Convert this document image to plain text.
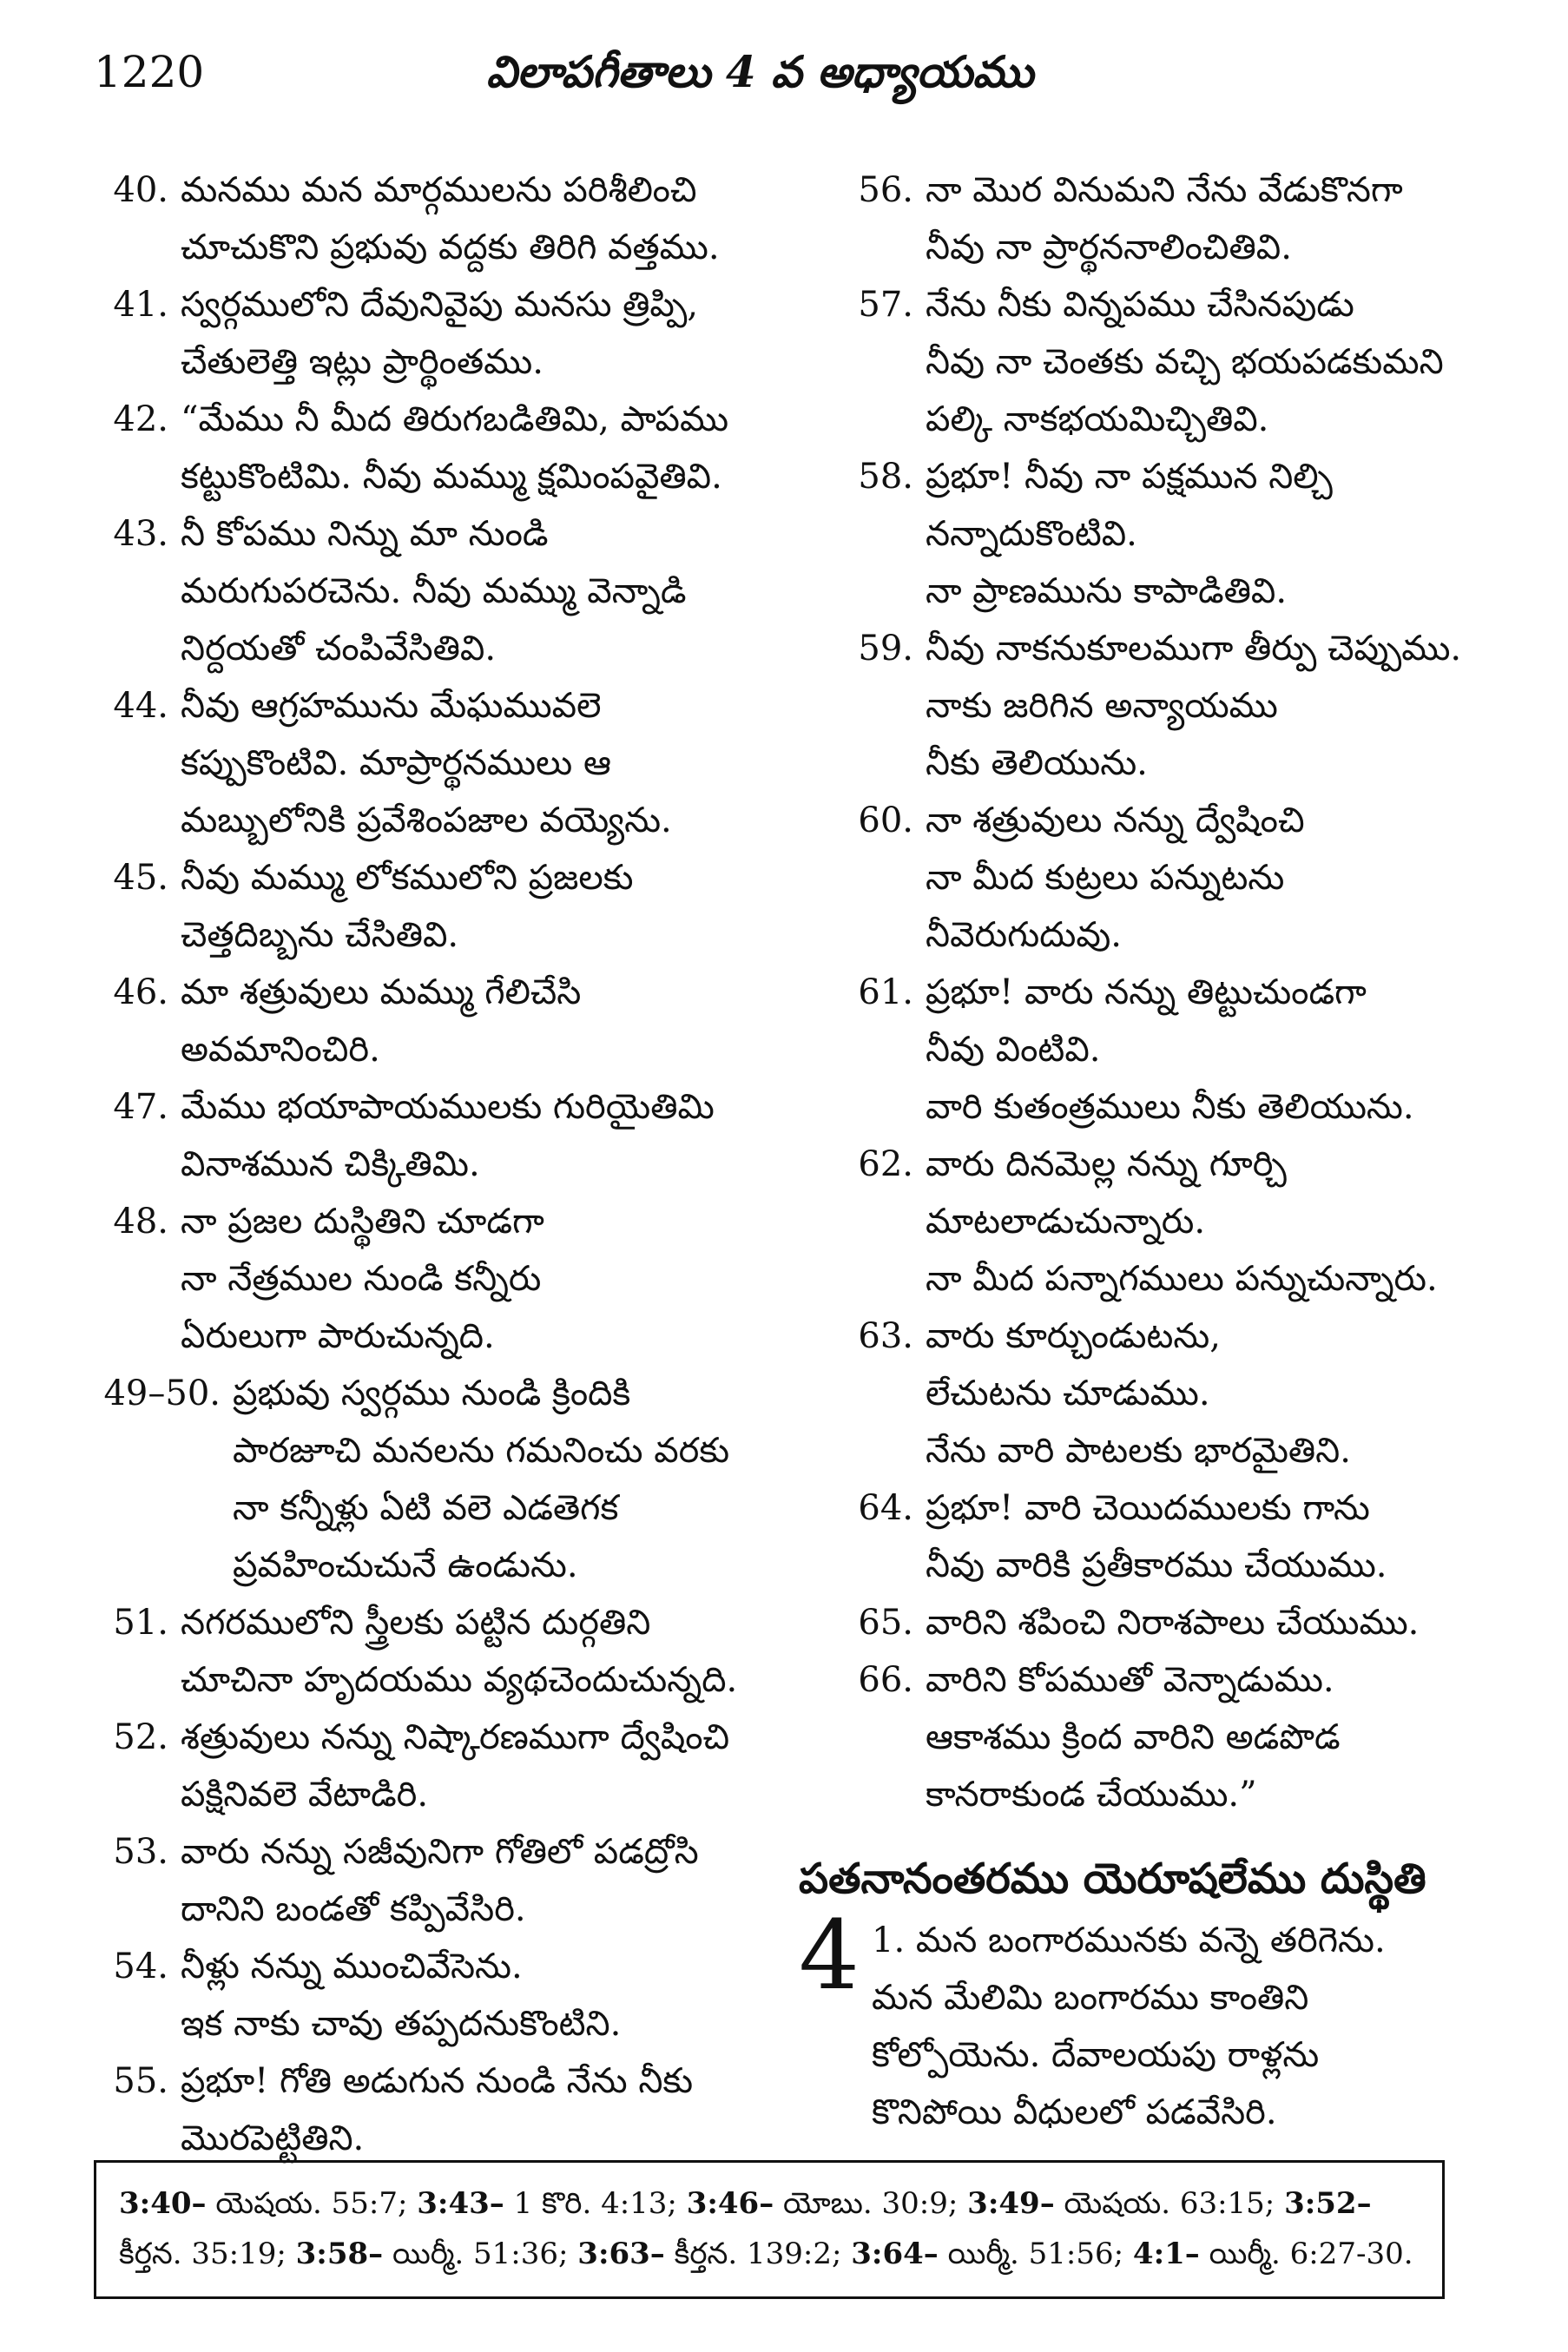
1220	విలాపగీతాలు 4 వ అధ్యాయము
40. మనము మన మార్గములను పరిశీలించి
చూచుకొని ప్రభువు వద్దకు తిరిగి వత్తము.
41. స్వర్గములోని దేవునివైపు మనసు త్రిప్పి,
చేతులెత్తి ఇట్లు ప్రార్థింతము.
42. “మేము నీ మీద తిరుగబడితిమి, పాపము
కట్టుకొంటిమి. నీవు మమ్ము క్షమింపవైతివి.
43. నీ కోపము నిన్ను మా నుండి
మరుగుపరచెను. నీవు మమ్ము వెన్నాడి
నిర్దయతో చంపివేసితివి.
44. నీవు ఆగ్రహమును మేఘమువలె
కప్పుకొంటివి. మాప్రార్థనములు ఆ
మబ్బులోనికి ప్రవేశింపజాల వయ్యెను.
45. నీవు మమ్ము లోకములోని ప్రజలకు
చెత్తదిబ్బను చేసితివి.
46. మా శత్రువులు మమ్ము గేలిచేసి
అవమానించిరి.
47. మేము భయాపాయములకు గురియైతిమి
వినాశమున చిక్కితిమి.
48. నా ప్రజల దుస్థితిని చూడగా
నా నేత్రముల నుండి కన్నీరు
ఏరులుగా పారుచున్నది.
49–50. ప్రభువు స్వర్గము నుండి క్రిందికి
పారజూచి మనలను గమనించు వరకు
నా కన్నీళ్లు ఏటి వలె ఎడతెగక
ప్రవహించుచునే ఉండును.
51. నగరములోని స్త్రీలకు పట్టిన దుర్గతిని
చూచినా హృదయము వ్యథచెందుచున్నది.
52. శత్రువులు నన్ను నిష్కారణముగా ద్వేషించి
పక్షినివలె వేటాడిరి.
53. వారు నన్ను సజీవునిగా గోతిలో పడద్రోసి
దానిని బండతో కప్పివేసిరి.
54. నీళ్లు నన్ను ముంచివేసెను.
ఇక నాకు చావు తప్పదనుకొంటిని.
55. ప్రభూ! గోతి అడుగున నుండి నేను నీకు
మొరపెట్టితిని.
56. నా మొర వినుమని నేను వేడుకొనగా
నీవు నా ప్రార్థననాలించితివి.
57. నేను నీకు విన్నపము చేసినపుడు
నీవు నా చెంతకు వచ్చి భయపడకుమని
పల్కి నాకభయమిచ్చితివి.
58. ప్రభూ! నీవు నా పక్షమున నిల్చి
నన్నాదుకొంటివి.
నా ప్రాణమును కాపాడితివి.
59. నీవు నాకనుకూలముగా తీర్పు చెప్పుము.
నాకు జరిగిన అన్యాయము
నీకు తెలియును.
60. నా శత్రువులు నన్ను ద్వేషించి
నా మీద కుట్రలు పన్నుటను
నీవెరుగుదువు.
61. ప్రభూ! వారు నన్ను తిట్టుచుండగా
నీవు వింటివి.
వారి కుతంత్రములు నీకు తెలియును.
62. వారు దినమెల్ల నన్ను గూర్చి
మాటలాడుచున్నారు.
నా మీద పన్నాగములు పన్నుచున్నారు.
63. వారు కూర్చుండుటను,
లేచుటను చూడుము.
నేను వారి పాటలకు భారమైతిని.
64. ప్రభూ! వారి చెయిదములకు గాను
నీవు వారికి ప్రతీకారము చేయుము.
65. వారిని శపించి నిరాశపాలు చేయుము.
66. వారిని కోపముతో వెన్నాడుము.
ఆకాశము క్రింద వారిని అడపొడ
కానరాకుండ చేయుము.”
పతనానంతరము యెరూషలేము దుస్థితి
4 1. మన బంగారమునకు వన్నె తరిగెను.
మన మేలిమి బంగారము కాంతిని
కోల్పోయెను. దేవాలయపు రాళ్లను
కొనిపోయి వీధులలో పడవేసిరి.
3:40– యెషయ. 55:7; 3:43– 1 కొరి. 4:13; 3:46– యోబు. 30:9; 3:49– యెషయ. 63:15; 3:52–
కీర్తన. 35:19; 3:58– యిర్మీ. 51:36; 3:63– కీర్తన. 139:2; 3:64– యిర్మీ. 51:56; 4:1– యిర్మీ. 6:27-30.
